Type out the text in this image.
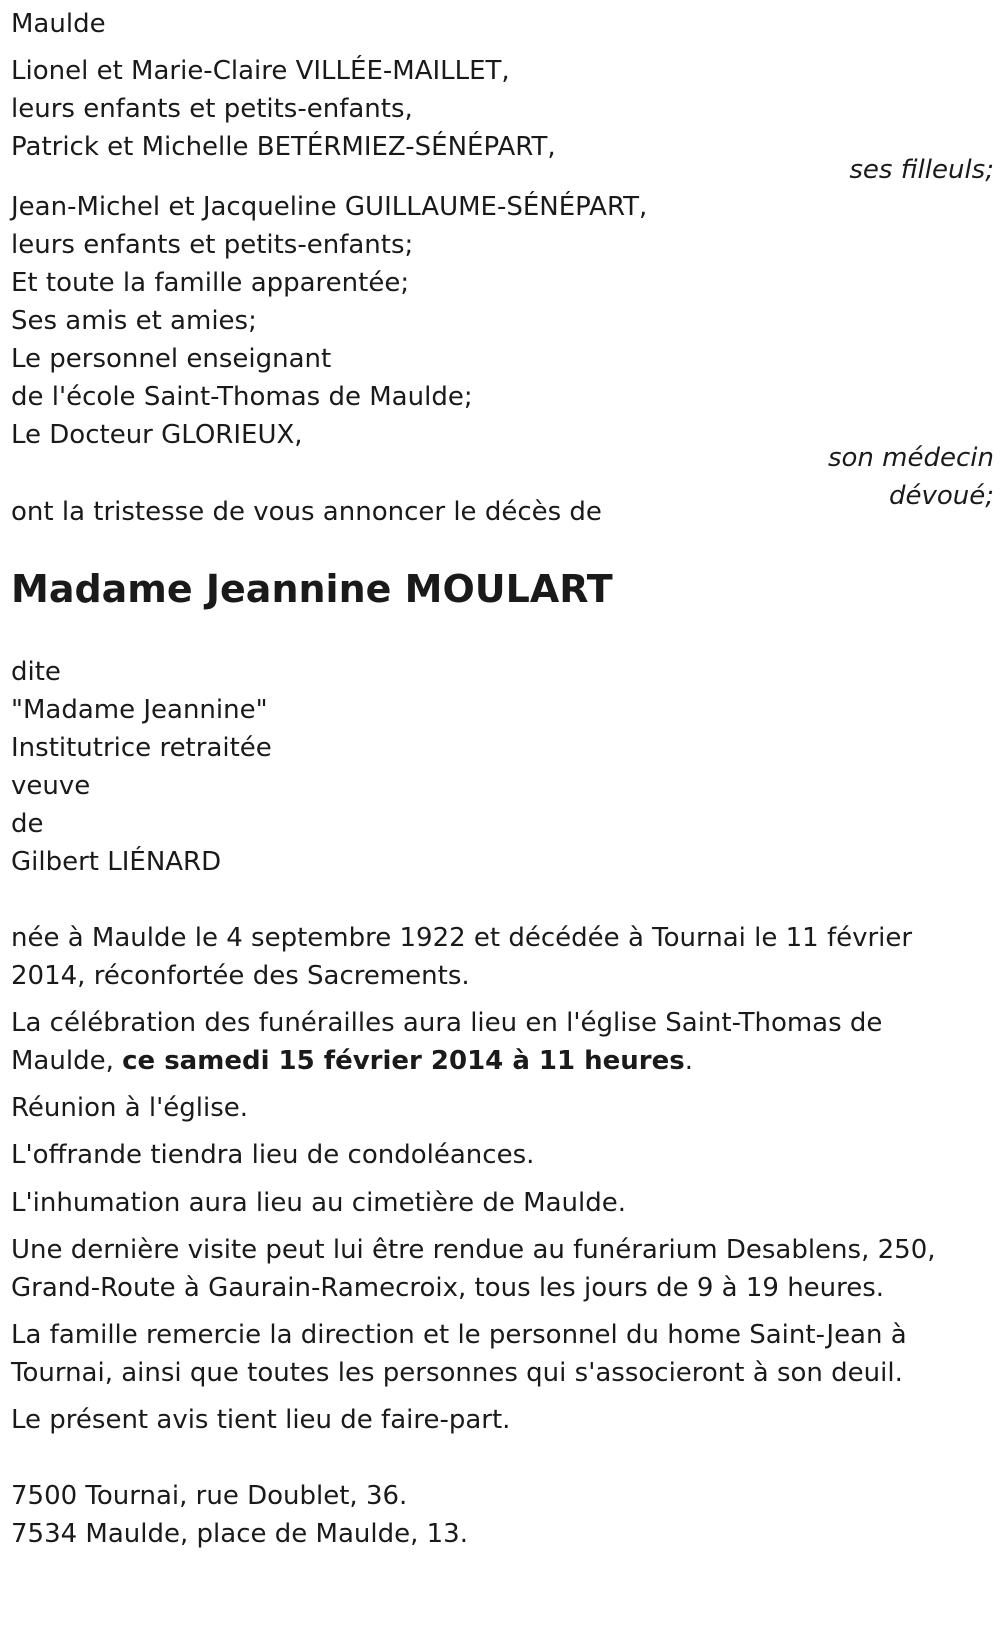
Maulde
Lionel et Marie-Claire VILLÉE-MAILLET,
leurs enfants et petits-enfants,
Patrick et Michelle BETÉRMIEZ-SÉNÉPART,
ses filleuls;
Jean-Michel et Jacqueline GUILLAUME-SÉNÉPART,
leurs enfants et petits-enfants;
Et toute la famille apparentée;
Ses amis et amies;
Le personnel enseignant
de l'école Saint-Thomas de Maulde;
Le Docteur GLORIEUX,
son médecin
dévoué;
ont la tristesse de vous annoncer le décès de
Madame Jeannine MOULART
dite
"Madame Jeannine"
Institutrice retraitée
veuve
de
Gilbert LIÉNARD
née à Maulde le 4 septembre 1922 et décédée à Tournai le 11 février
2014, réconfortée des Sacrements.
La célébration des funérailles aura lieu en l'église Saint-Thomas de
Maulde, ce samedi 15 février 2014 à 11 heures.
Réunion à l'église.
L'offrande tiendra lieu de condoléances.
L'inhumation aura lieu au cimetière de Maulde.
Une dernière visite peut lui être rendue au funérarium Desablens, 250,
Grand-Route à Gaurain-Ramecroix, tous les jours de 9 à 19 heures.
La famille remercie la direction et le personnel du home Saint-Jean à
Tournai, ainsi que toutes les personnes qui s'associeront à son deuil.
Le présent avis tient lieu de faire-part.
7500 Tournai, rue Doublet, 36.
7534 Maulde, place de Maulde, 13.
